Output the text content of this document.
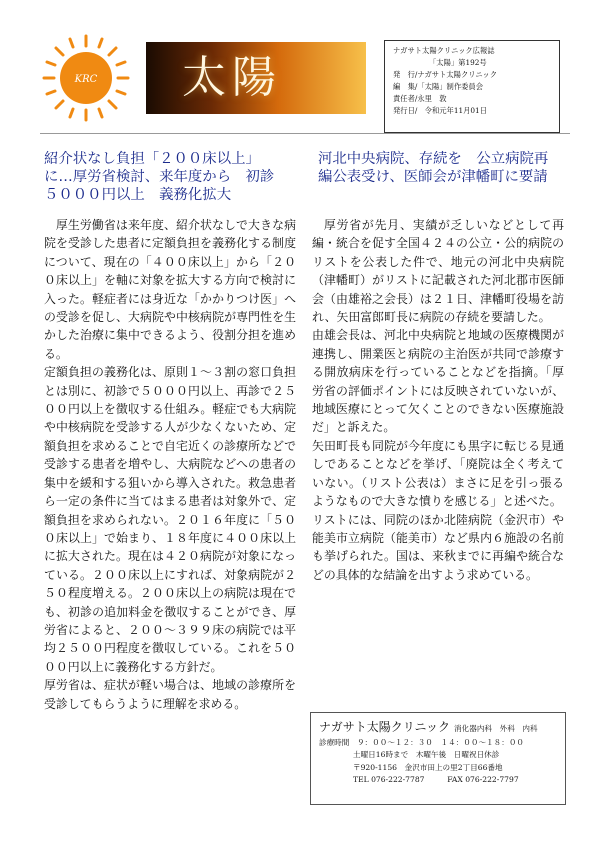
KRC 太陽
ナガサト太陽クリニック広報誌
「太陽」第192号
発　行/ナガサト太陽クリニック
編　集/「太陽」制作委員会
責任者/永里　敦
発行日/　令和元年11月01日
紹介状なし負担「２００床以上」
に…厚労省検討、来年度から　初診
５０００円以上　義務化拡大
河北中央病院、存続を　公立病院再
編公表受け、医師会が津幡町に要請

厚生労働省は来年度、紹介状なしで大きな病院を受診した患者に定額負担を義務化する制度について、現在の「４００床以上」から「２００床以上」を軸に対象を拡大する方向で検討に入った。軽症者には身近な「かかりつけ医」への受診を促し、大病院や中核病院が専門性を生かした治療に集中できるよう、役割分担を進める。

定額負担の義務化は、原則１～３割の窓口負担とは別に、初診で５０００円以上、再診で２５００円以上を徴収する仕組み。軽症でも大病院や中核病院を受診する人が少なくないため、定額負担を求めることで自宅近くの診療所などで受診する患者を増やし、大病院などへの患者の集中を緩和する狙いから導入された。救急患者ら一定の条件に当てはまる患者は対象外で、定額負担を求められない。２０１６年度に「５００床以上」で始まり、１８年度に４００床以上に拡大された。現在は４２０病院が対象になっている。２００床以上にすれば、対象病院が２５０程度増える。２００床以上の病院は現在でも、初診の追加料金を徴収することができ、厚労省によると、２００～３９９床の病院では平均２５００円程度を徴収している。これを５０００円以上に義務化する方針だ。

厚労省は、症状が軽い場合は、地域の診療所を受診してもらうように理解を求める。

厚労省が先月、実績が乏しいなどとして再編・統合を促す全国４２４の公立・公的病院のリストを公表した件で、地元の河北中央病院（津幡町）がリストに記載された河北郡市医師会（由雄裕之会長）は２１日、津幡町役場を訪れ、矢田富郎町長に病院の存続を要請した。

由雄会長は、河北中央病院と地域の医療機関が連携し、開業医と病院の主治医が共同で診療する開放病床を行っていることなどを指摘。「厚労省の評価ポイントには反映されていないが、地域医療にとって欠くことのできない医療施設だ」と訴えた。

矢田町長も同院が今年度にも黒字に転じる見通しであることなどを挙げ、「廃院は全く考えていない。（リスト公表は）まさに足を引っ張るようなもので大きな憤りを感じる」と述べた。

リストには、同院のほか北陸病院（金沢市）や能美市立病院（能美市）など県内６施設の名前も挙げられた。国は、来秋までに再編や統合などの具体的な結論を出すよう求めている。

ナガサト太陽クリニック 消化器内科　外科　内科
診療時間　 ９：００～１２：３０　１４：００～１８：００
土曜日16時まで　木曜午後　日曜祝日休診
〒920-1156　金沢市田上の里2丁目66番地
TEL 076-222-7787　　　	FAX 076-222-7797
